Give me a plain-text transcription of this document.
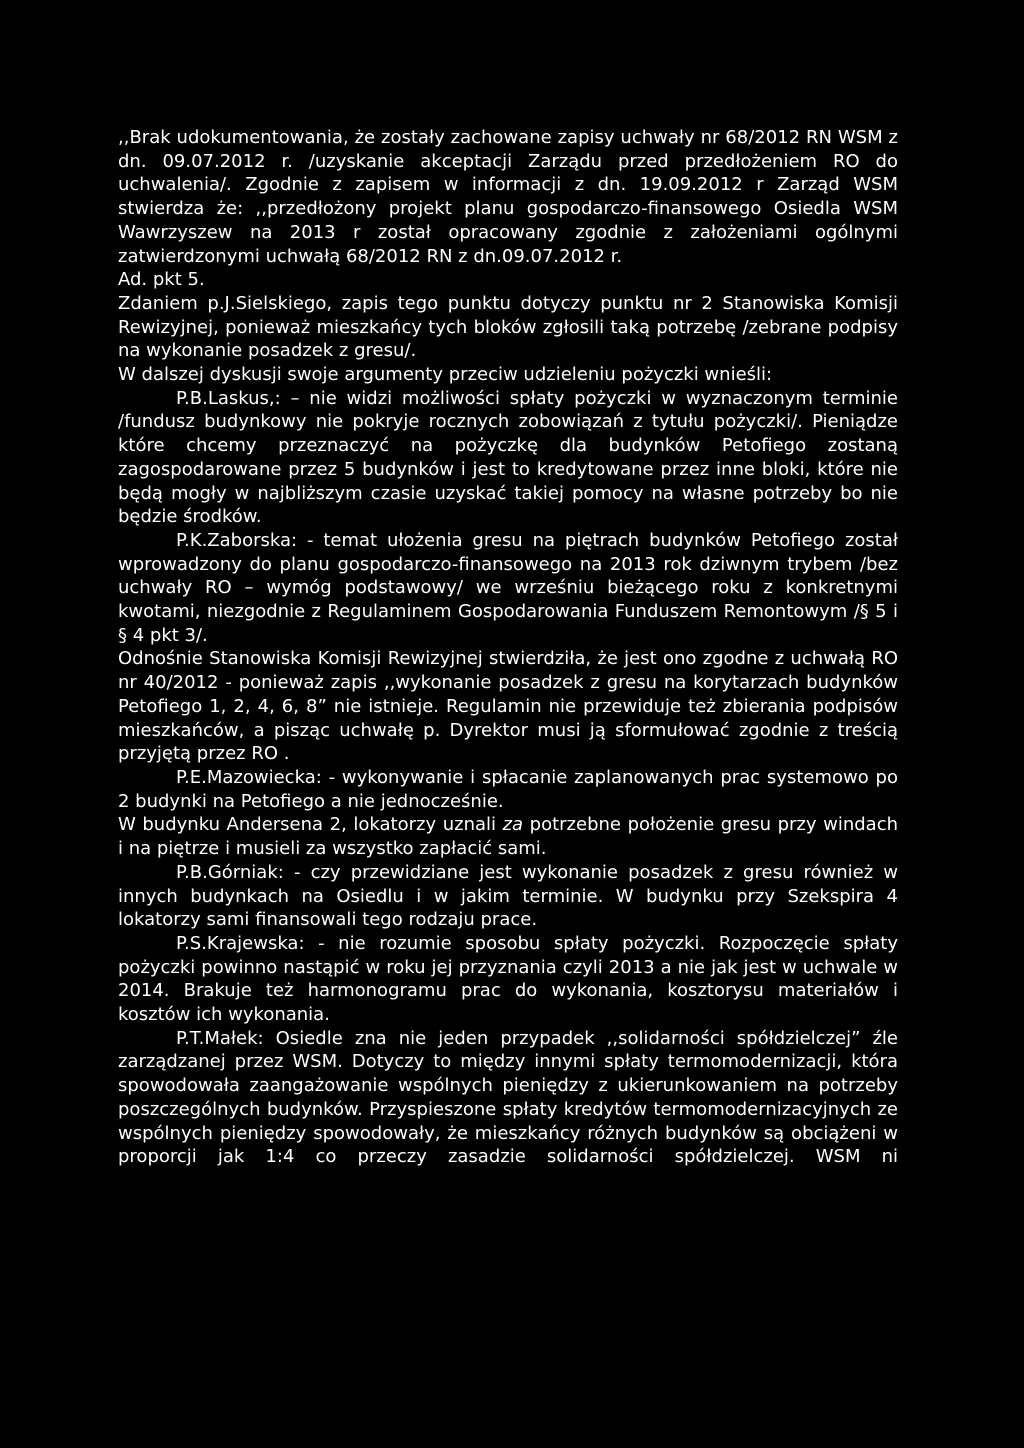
,,Brak udokumentowania, że zostały zachowane zapisy uchwały nr 68/2012 RN WSM z dn. 09.07.2012 r. /uzyskanie akceptacji Zarządu przed przedłożeniem RO do uchwalenia/. Zgodnie z zapisem w informacji z dn. 19.09.2012 r Zarząd WSM stwierdza że: ,,przedłożony projekt planu gospodarczo-finansowego Osiedla WSM Wawrzyszew na 2013 r został opracowany zgodnie z założeniami ogólnymi zatwierdzonymi uchwałą 68/2012 RN z dn.09.07.2012 r.

Ad. pkt 5.

Zdaniem p.J.Sielskiego, zapis tego punktu dotyczy punktu nr 2 Stanowiska Komisji Rewizyjnej, ponieważ mieszkańcy tych bloków zgłosili taką potrzebę /zebrane podpisy na wykonanie posadzek z gresu/.

W dalszej dyskusji swoje argumenty przeciw udzieleniu pożyczki wnieśli:

P.B.Laskus,: – nie widzi możliwości spłaty pożyczki w wyznaczonym terminie /fundusz budynkowy nie pokryje rocznych zobowiązań z tytułu pożyczki/. Pieniądze które chcemy przeznaczyć na pożyczkę dla budynków Petofiego zostaną zagospodarowane przez 5 budynków i jest to kredytowane przez inne bloki, które nie będą mogły w najbliższym czasie uzyskać takiej pomocy na własne potrzeby bo nie będzie środków.

P.K.Zaborska: - temat ułożenia gresu na piętrach budynków Petofiego został wprowadzony do planu gospodarczo-finansowego na 2013 rok dziwnym trybem /bez uchwały RO – wymóg podstawowy/ we wrześniu bieżącego roku z konkretnymi kwotami, niezgodnie z Regulaminem Gospodarowania Funduszem Remontowym /§ 5 i § 4 pkt 3/.

Odnośnie Stanowiska Komisji Rewizyjnej stwierdziła, że jest ono zgodne z uchwałą RO nr 40/2012 - ponieważ zapis ,,wykonanie posadzek z gresu na korytarzach budynków Petofiego 1, 2, 4, 6, 8” nie istnieje. Regulamin nie przewiduje też zbierania podpisów mieszkańców, a pisząc uchwałę p. Dyrektor musi ją sformułować zgodnie z treścią przyjętą przez RO .

P.E.Mazowiecka: - wykonywanie i spłacanie zaplanowanych prac systemowo po 2 budynki na Petofiego a nie jednocześnie.

W budynku Andersena 2, lokatorzy uznali za potrzebne położenie gresu przy windach i na piętrze i musieli za wszystko zapłacić sami.

P.B.Górniak: - czy przewidziane jest wykonanie posadzek z gresu również w innych budynkach na Osiedlu i w jakim terminie. W budynku przy Szekspira 4 lokatorzy sami finansowali tego rodzaju prace.

P.S.Krajewska: - nie rozumie sposobu spłaty pożyczki. Rozpoczęcie spłaty pożyczki powinno nastąpić w roku jej przyznania czyli 2013 a nie jak jest w uchwale w 2014. Brakuje też harmonogramu prac do wykonania, kosztorysu materiałów i kosztów ich wykonania.

P.T.Małek: Osiedle zna nie jeden przypadek ,,solidarności spółdzielczej” źle zarządzanej przez WSM. Dotyczy to między innymi spłaty termomodernizacji, która spowodowała zaangażowanie wspólnych pieniędzy z ukierunkowaniem na potrzeby poszczególnych budynków. Przyspieszone spłaty kredytów termomodernizacyjnych ze wspólnych pieniędzy spowodowały, że mieszkańcy różnych budynków są obciążeni w proporcji jak 1:4 co przeczy zasadzie solidarności spółdzielczej. WSM ni
